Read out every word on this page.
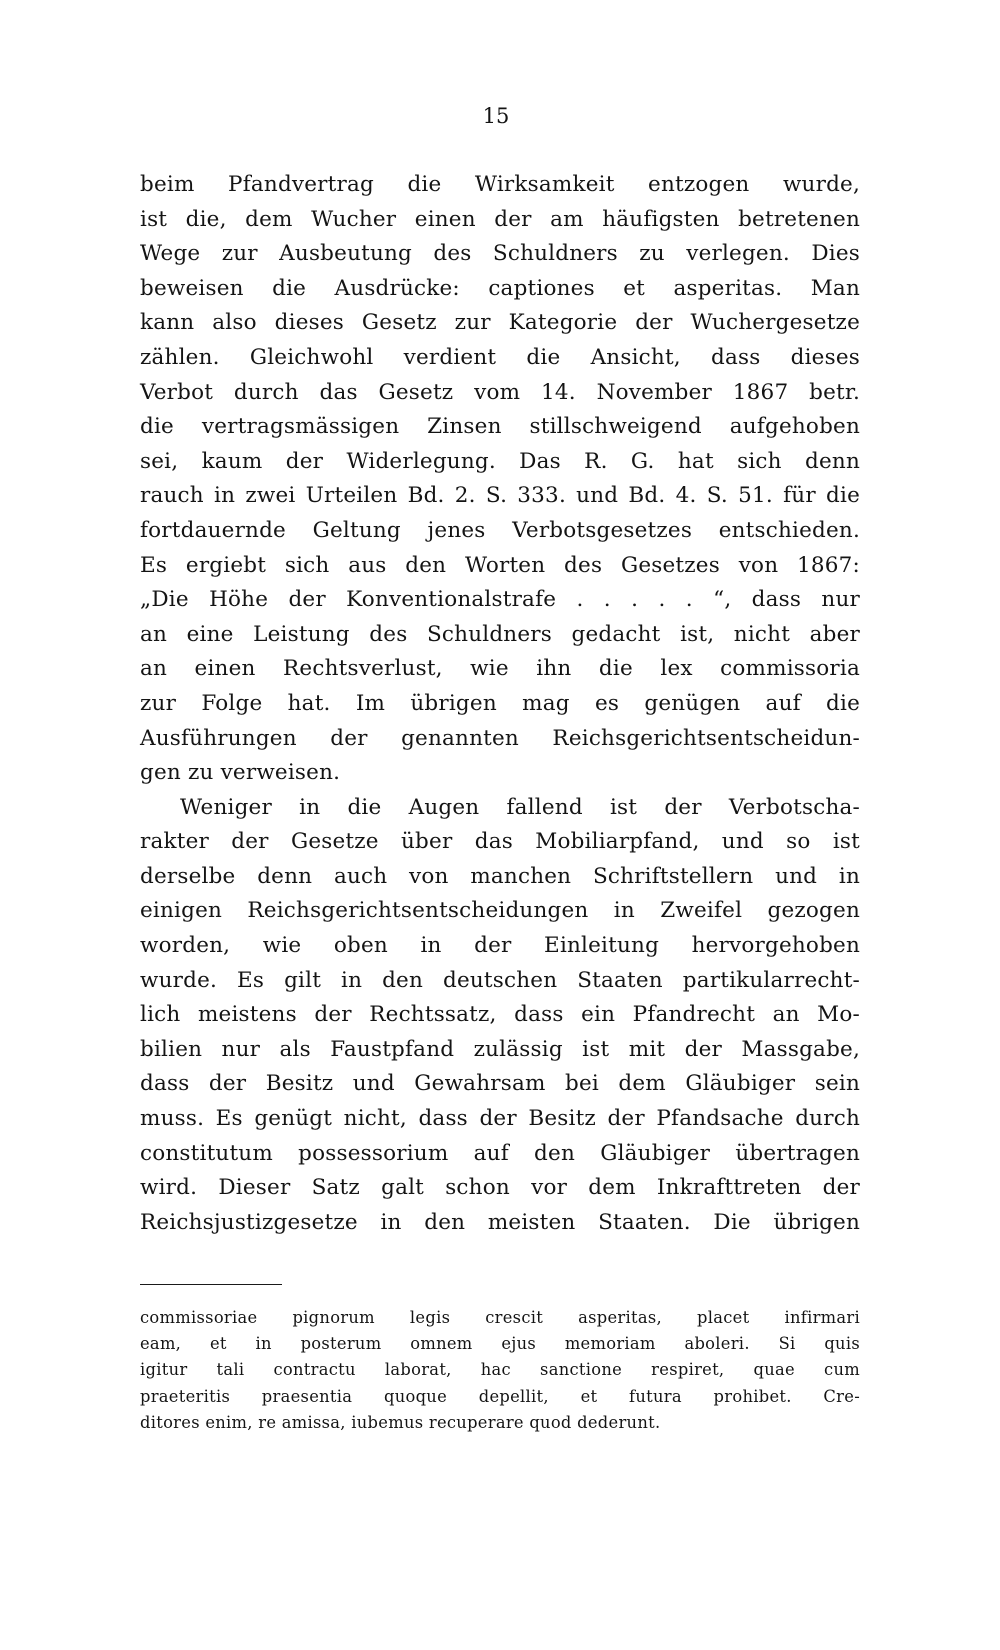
15
beim Pfandvertrag die Wirksamkeit entzogen wurde,
ist die, dem Wucher einen der am häufigsten betretenen
Wege zur Ausbeutung des Schuldners zu verlegen. Dies
beweisen die Ausdrücke: captiones et asperitas. Man
kann also dieses Gesetz zur Kategorie der Wuchergesetze
zählen. Gleichwohl verdient die Ansicht, dass dieses
Verbot durch das Gesetz vom 14. November 1867 betr.
die vertragsmässigen Zinsen stillschweigend aufgehoben
sei, kaum der Widerlegung. Das R. G. hat sich denn
rauch in zwei Urteilen Bd. 2. S. 333. und Bd. 4. S. 51. für die
fortdauernde Geltung jenes Verbotsgesetzes entschieden.
Es ergiebt sich aus den Worten des Gesetzes von 1867:
„Die Höhe der Konventionalstrafe . . . . . “, dass nur
an eine Leistung des Schuldners gedacht ist, nicht aber
an einen Rechtsverlust, wie ihn die lex commissoria
zur Folge hat. Im übrigen mag es genügen auf die
Ausführungen der genannten Reichsgerichtsentscheidun-
gen zu verweisen.
Weniger in die Augen fallend ist der Verbotscha-
rakter der Gesetze über das Mobiliarpfand, und so ist
derselbe denn auch von manchen Schriftstellern und in
einigen Reichsgerichtsentscheidungen in Zweifel gezogen
worden, wie oben in der Einleitung hervorgehoben
wurde. Es gilt in den deutschen Staaten partikularrecht-
lich meistens der Rechtssatz, dass ein Pfandrecht an Mo-
bilien nur als Faustpfand zulässig ist mit der Massgabe,
dass der Besitz und Gewahrsam bei dem Gläubiger sein
muss. Es genügt nicht, dass der Besitz der Pfandsache durch
constitutum possessorium auf den Gläubiger übertragen
wird. Dieser Satz galt schon vor dem Inkrafttreten der
Reichsjustizgesetze in den meisten Staaten. Die übrigen
commissoriae pignorum legis crescit asperitas, placet infirmari
eam, et in posterum omnem ejus memoriam aboleri. Si quis
igitur tali contractu laborat, hac sanctione respiret, quae cum
praeteritis praesentia quoque depellit, et futura prohibet. Cre-
ditores enim, re amissa, iubemus recuperare quod dederunt.
